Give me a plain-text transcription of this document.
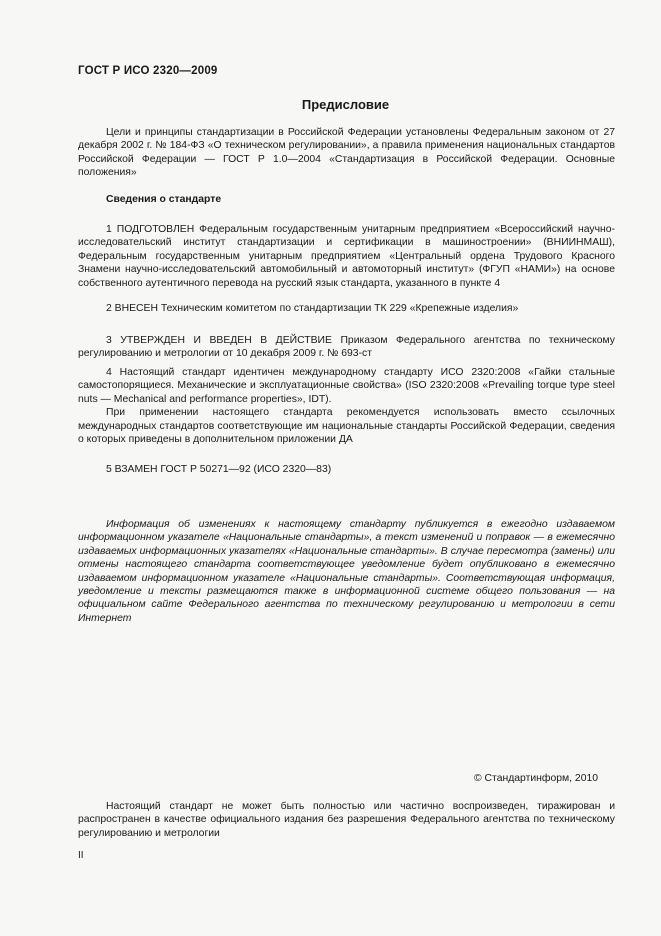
ГОСТ Р ИСО 2320—2009
Предисловие

Цели и принципы стандартизации в Российской Федерации установлены Федеральным законом от 27 декабря 2002 г. № 184-ФЗ «О техническом регулировании», а правила применения национальных стандартов Российской Федерации — ГОСТ Р 1.0—2004 «Стандартизация в Российской Федерации. Основные положения»

Сведения о стандарте

1 ПОДГОТОВЛЕН Федеральным государственным унитарным предприятием «Всероссийский научно-исследовательский институт стандартизации и сертификации в машиностроении» (ВНИИНМАШ), Федеральным государственным унитарным предприятием «Центральный ордена Трудового Красного Знамени научно-исследовательский автомобильный и автомоторный институт» (ФГУП «НАМИ») на основе собственного аутентичного перевода на русский язык стандарта, указанного в пункте 4

2 ВНЕСЕН Техническим комитетом по стандартизации ТК 229 «Крепежные изделия»

3 УТВЕРЖДЕН И ВВЕДЕН В ДЕЙСТВИЕ Приказом Федерального агентства по техническому регулированию и метрологии от 10 декабря 2009 г. № 693-ст

4 Настоящий стандарт идентичен международному стандарту ИСО 2320:2008 «Гайки стальные самостопорящиеся. Механические и эксплуатационные свойства» (ISO 2320:2008 «Prevailing torque type steel nuts — Mechanical and performance properties», IDT).

При применении настоящего стандарта рекомендуется использовать вместо ссылочных международных стандартов соответствующие им национальные стандарты Российской Федерации, сведения о которых приведены в дополнительном приложении ДА

5 ВЗАМЕН ГОСТ Р 50271—92 (ИСО 2320—83)

Информация об изменениях к настоящему стандарту публикуется в ежегодно издаваемом информационном указателе «Национальные стандарты», а текст изменений и поправок — в ежемесячно издаваемых информационных указателях «Национальные стандарты». В случае пересмотра (замены) или отмены настоящего стандарта соответствующее уведомление будет опубликовано в ежемесячно издаваемом информационном указателе «Национальные стандарты». Соответствующая информация, уведомление и тексты размещаются также в информационной системе общего пользования — на официальном сайте Федерального агентства по техническому регулированию и метрологии в сети Интернет

© Стандартинформ, 2010

Настоящий стандарт не может быть полностью или частично воспроизведен, тиражирован и распространен в качестве официального издания без разрешения Федерального агентства по техническому регулированию и метрологии

II
